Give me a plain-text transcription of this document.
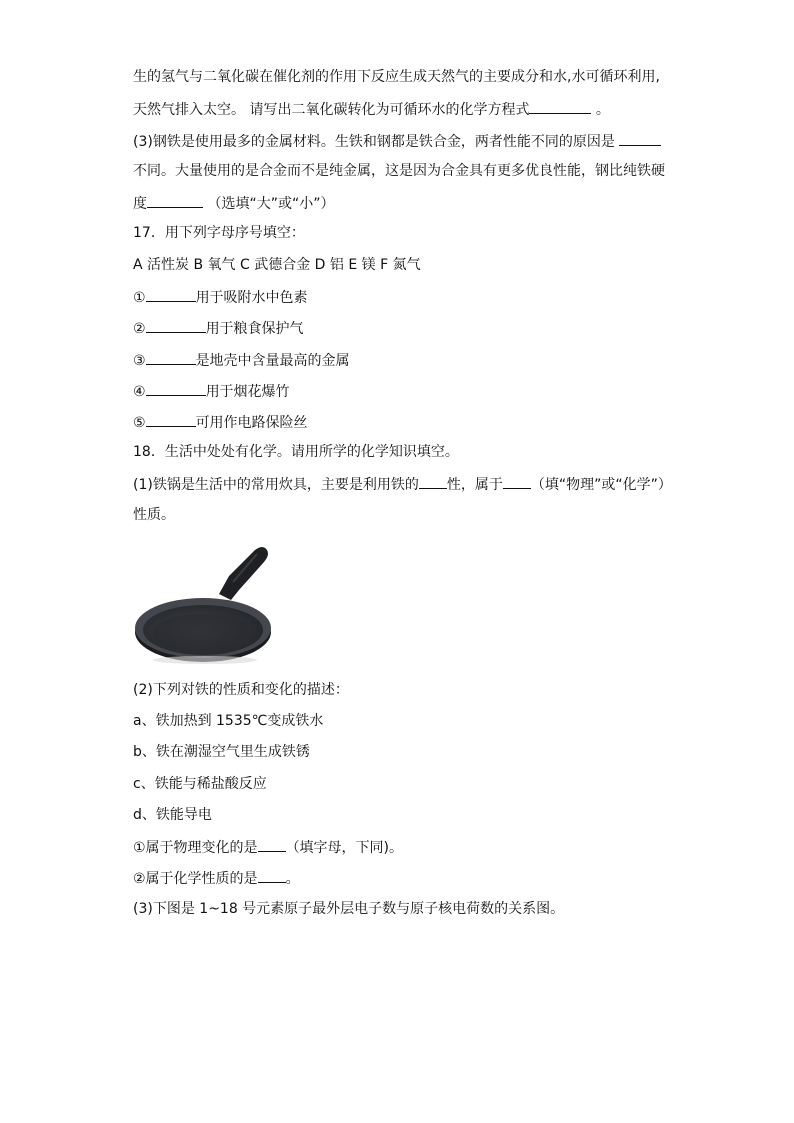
生的氢气与二氧化碳在催化剂的作用下反应生成天然气的主要成分和水,水可循环利用,
天然气排入太空。 请写出二氧化碳转化为可循环水的化学方程式	。
(3)钢铁是使用最多的金属材料。生铁和钢都是铁合金，两者性能不同的原因是
不同。大量使用的是合金而不是纯金属，这是因为合金具有更多优良性能，钢比纯铁硬
度	（选填“大”或“小”）
17．用下列字母序号填空：
A 活性炭 B 氧气 C 武德合金 D 铝 E 镁 F 氮气
①	用于吸附水中色素
②	用于粮食保护气
③	是地壳中含量最高的金属
④	用于烟花爆竹
⑤	可用作电路保险丝
18．生活中处处有化学。请用所学的化学知识填空。
(1)铁锅是生活中的常用炊具，主要是利用铁的 性，属于 （填“物理”或“化学”）
性质。
(2)下列对铁的性质和变化的描述：
a、铁加热到 1535℃变成铁水
b、铁在潮湿空气里生成铁锈
c、铁能与稀盐酸反应
d、铁能导电
①属于物理变化的是 （填字母，下同)。
②属于化学性质的是 。
(3)下图是 1~18 号元素原子最外层电子数与原子核电荷数的关系图。
